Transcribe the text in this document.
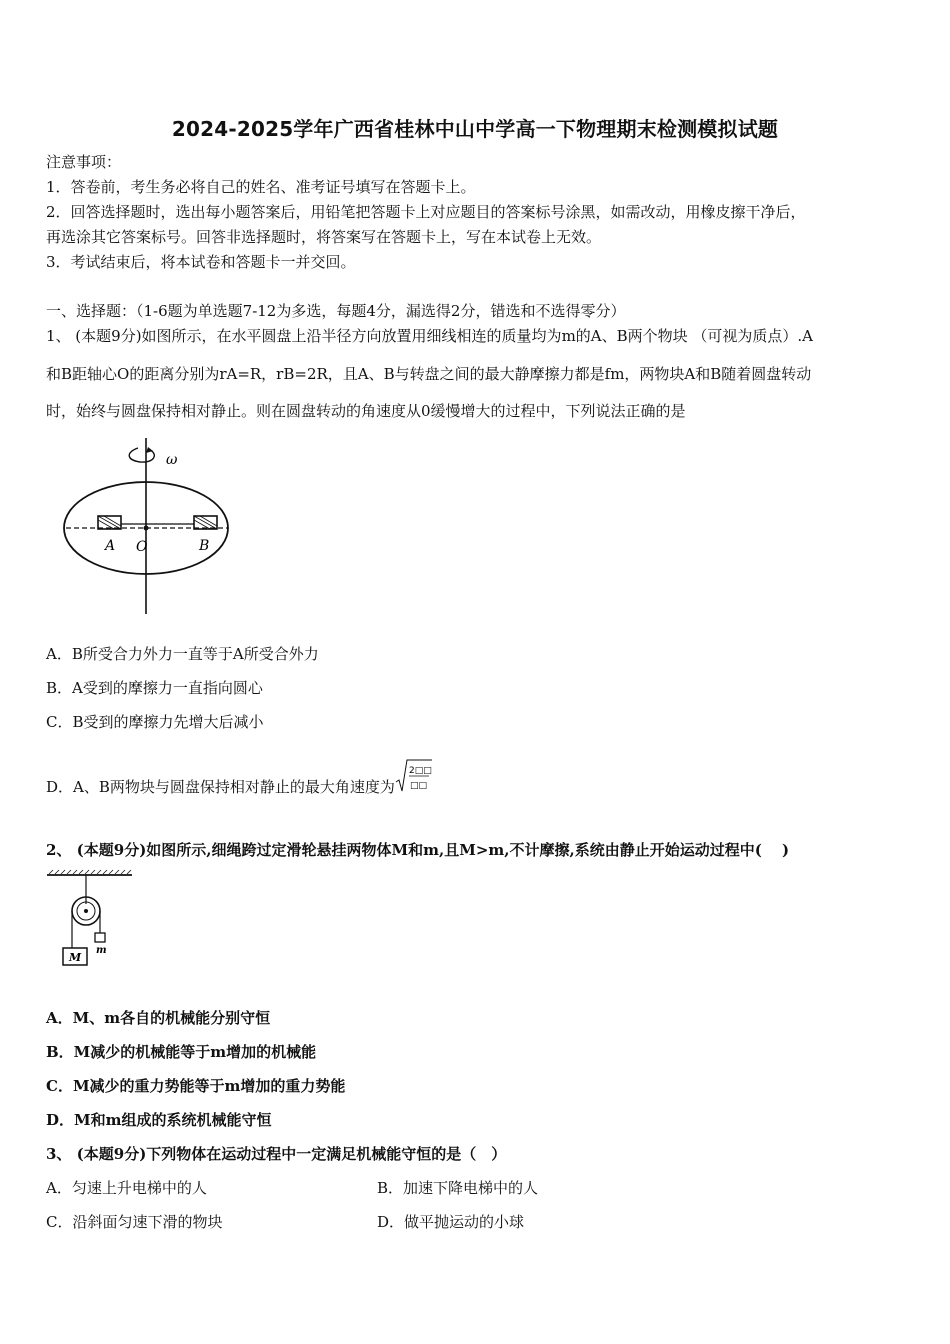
2024-2025学年广西省桂林中山中学高一下物理期末检测模拟试题
注意事项：
1．答卷前，考生务必将自己的姓名、准考证号填写在答题卡上。
2．回答选择题时，选出每小题答案后，用铅笔把答题卡上对应题目的答案标号涂黑，如需改动，用橡皮擦干净后，
再选涂其它答案标号。回答非选择题时，将答案写在答题卡上，写在本试卷上无效。
3．考试结束后，将本试卷和答题卡一并交回。
一、选择题：（1-6题为单选题7-12为多选，每题4分，漏选得2分，错选和不选得零分）
1、 (本题9分)如图所示，在水平圆盘上沿半径方向放置用细线相连的质量均为m的A、B两个物块 （可视为质点）.A
和B距轴心O的距离分别为rA=R，rB=2R，且A、B与转盘之间的最大静摩擦力都是fm，两物块A和B随着圆盘转动
时，始终与圆盘保持相对静止。则在圆盘转动的角速度从0缓慢增大的过程中，下列说法正确的是
ω
A O	B
A．B所受合力外力一直等于A所受合外力
B．A受到的摩擦力一直指向圆心
C．B受到的摩擦力先增大后减小
D．A、B两物块与圆盘保持相对静止的最大角速度为
2□□
□□
2、 (本题9分)如图所示,细绳跨过定滑轮悬挂两物体M和m,且M>m,不计摩擦,系统由静止开始运动过程中(　 )
M
m
A．M、m各自的机械能分别守恒
B．M减少的机械能等于m增加的机械能
C．M减少的重力势能等于m增加的重力势能
D．M和m组成的系统机械能守恒
3、 (本题9分)下列物体在运动过程中一定满足机械能守恒的是（　）
A．匀速上升电梯中的人	B．加速下降电梯中的人
C．沿斜面匀速下滑的物块	D．做平抛运动的小球
